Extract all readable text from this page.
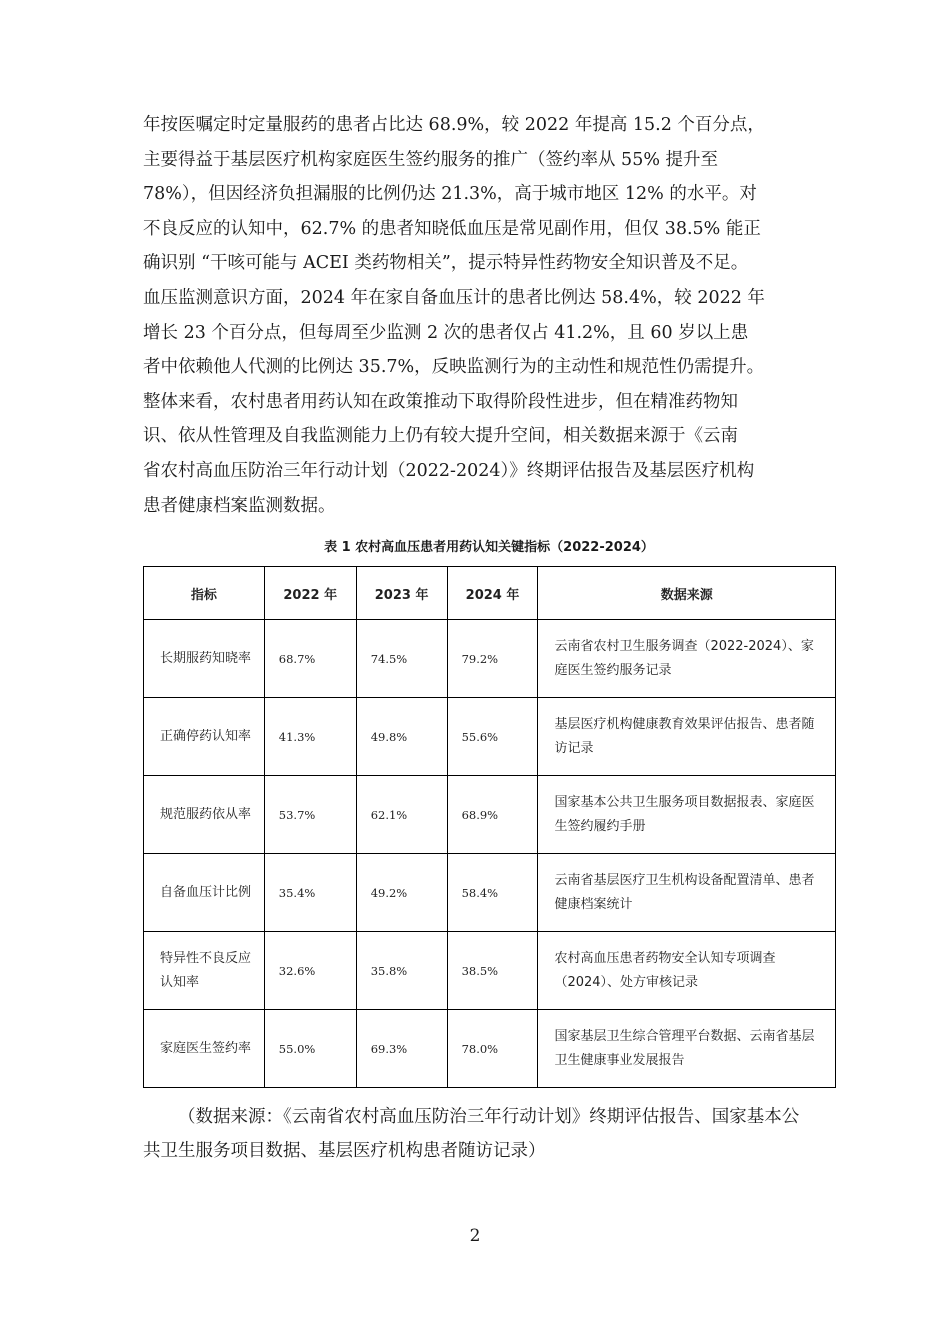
年按医嘱定时定量服药的患者占比达 68.9%，较 2022 年提高 15.2 个百分点，

主要得益于基层医疗机构家庭医生签约服务的推广（签约率从 55% 提升至

78%），但因经济负担漏服的比例仍达 21.3%，高于城市地区 12% 的水平。对

不良反应的认知中，62.7% 的患者知晓低血压是常见副作用，但仅 38.5% 能正

确识别 “干咳可能与 ACEI 类药物相关”，提示特异性药物安全知识普及不足。

血压监测意识方面，2024 年在家自备血压计的患者比例达 58.4%，较 2022 年

增长 23 个百分点，但每周至少监测 2 次的患者仅占 41.2%，且 60 岁以上患

者中依赖他人代测的比例达 35.7%，反映监测行为的主动性和规范性仍需提升。

整体来看，农村患者用药认知在政策推动下取得阶段性进步，但在精准药物知

识、依从性管理及自我监测能力上仍有较大提升空间，相关数据来源于《云南

省农村高血压防治三年行动计划（2022-2024）》终期评估报告及基层医疗机构

患者健康档案监测数据。

表 1 农村高血压患者用药认知关键指标（2022-2024）
指标	2022 年	2023 年	2024 年	数据来源
长期服药知晓率	68.7%	74.5%	79.2%	云南省农村卫生服务调查（2022-2024）、家庭医生签约服务记录
正确停药认知率	41.3%	49.8%	55.6%	基层医疗机构健康教育效果评估报告、患者随访记录
规范服药依从率	53.7%	62.1%	68.9%	国家基本公共卫生服务项目数据报表、家庭医生签约履约手册
自备血压计比例	35.4%	49.2%	58.4%	云南省基层医疗卫生机构设备配置清单、患者健康档案统计
特异性不良反应认知率	32.6%	35.8%	38.5%	农村高血压患者药物安全认知专项调查（2024）、处方审核记录
家庭医生签约率	55.0%	69.3%	78.0%	国家基层卫生综合管理平台数据、云南省基层卫生健康事业发展报告
（数据来源：《云南省农村高血压防治三年行动计划》终期评估报告、国家基本公共卫生服务项目数据、基层医疗机构患者随访记录）
2
